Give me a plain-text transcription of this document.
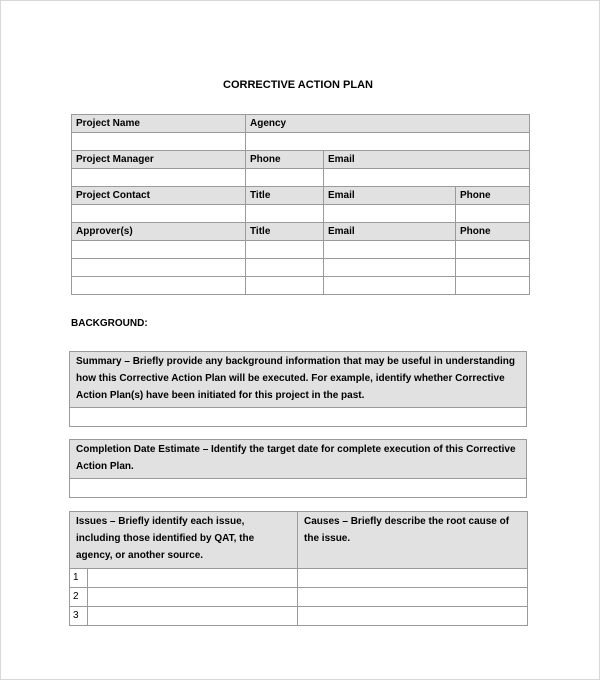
CORRECTIVE ACTION PLAN
Project Name	Agency		

Project Manager	Phone	Email	

Project Contact	Title	Email	Phone

Approver(s)	Title	Email	Phone

BACKGROUND:
Summary – Briefly provide any background information that may be useful in understanding how this Corrective Action Plan will be executed. For example, identify whether Corrective Action Plan(s) have been initiated for this project in the past.

Completion Date Estimate – Identify the target date for complete execution of this Corrective Action Plan.

Issues – Briefly identify each issue, including those identified by QAT, the agency, or another source.		Causes – Briefly describe the root cause of the issue.
1		
2		
3		
